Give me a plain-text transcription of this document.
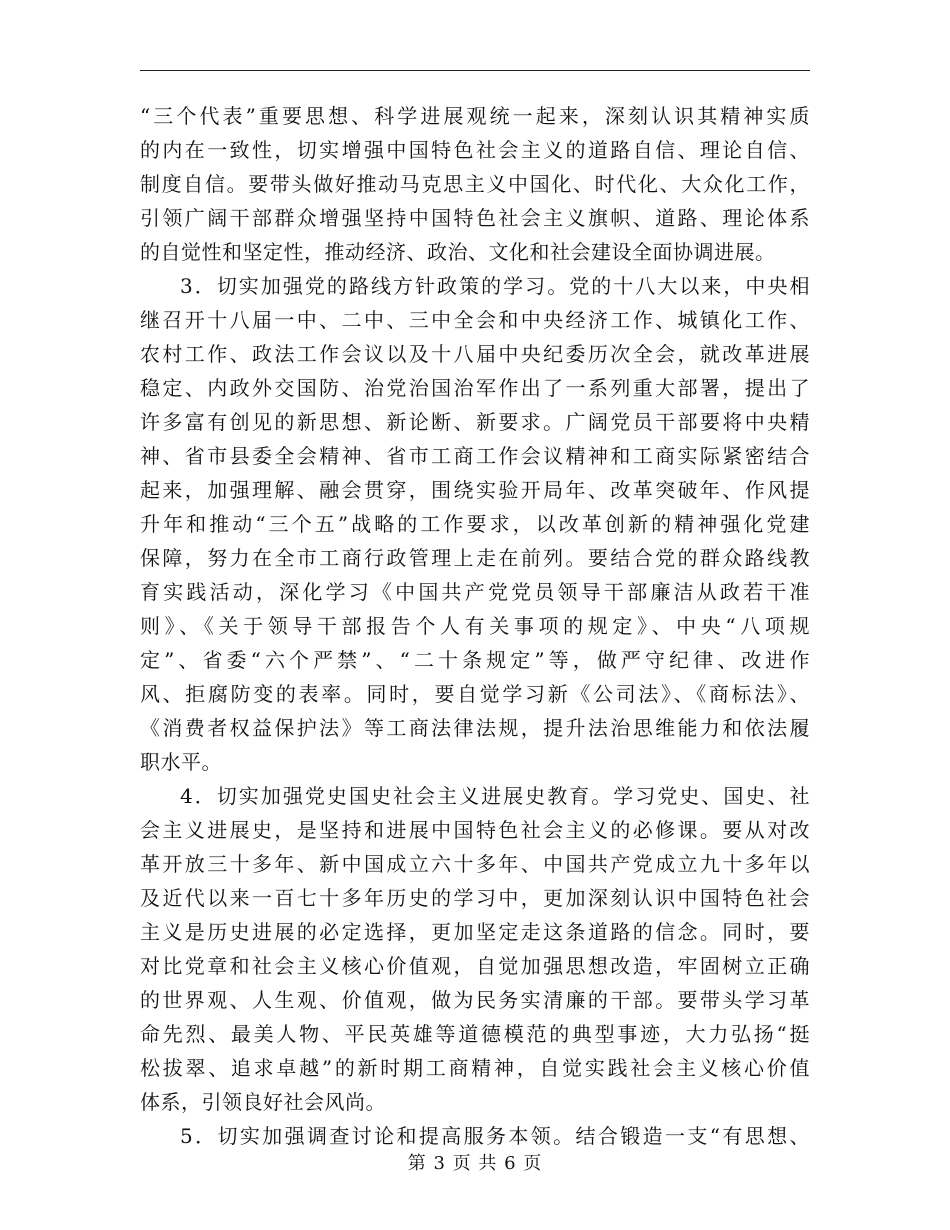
“三个代表”重要思想、科学进展观统一起来，深刻认识其精神实质
的内在一致性，切实增强中国特色社会主义的道路自信、理论自信、
制度自信。要带头做好推动马克思主义中国化、时代化、大众化工作，
引领广阔干部群众增强坚持中国特色社会主义旗帜、道路、理论体系
的自觉性和坚定性，推动经济、政治、文化和社会建设全面协调进展。
3．切实加强党的路线方针政策的学习。党的十八大以来，中央相
继召开十八届一中、二中、三中全会和中央经济工作、城镇化工作、
农村工作、政法工作会议以及十八届中央纪委历次全会，就改革进展
稳定、内政外交国防、治党治国治军作出了一系列重大部署，提出了
许多富有创见的新思想、新论断、新要求。广阔党员干部要将中央精
神、省市县委全会精神、省市工商工作会议精神和工商实际紧密结合
起来，加强理解、融会贯穿，围绕实验开局年、改革突破年、作风提
升年和推动“三个五”战略的工作要求，以改革创新的精神强化党建
保障，努力在全市工商行政管理上走在前列。要结合党的群众路线教
育实践活动，深化学习《中国共产党党员领导干部廉洁从政若干准
则》、《关于领导干部报告个人有关事项的规定》、中央“八项规
定”、省委“六个严禁”、“二十条规定”等，做严守纪律、改进作
风、拒腐防变的表率。同时，要自觉学习新《公司法》、《商标法》、
《消费者权益保护法》等工商法律法规，提升法治思维能力和依法履
职水平。
4．切实加强党史国史社会主义进展史教育。学习党史、国史、社
会主义进展史，是坚持和进展中国特色社会主义的必修课。要从对改
革开放三十多年、新中国成立六十多年、中国共产党成立九十多年以
及近代以来一百七十多年历史的学习中，更加深刻认识中国特色社会
主义是历史进展的必定选择，更加坚定走这条道路的信念。同时，要
对比党章和社会主义核心价值观，自觉加强思想改造，牢固树立正确
的世界观、人生观、价值观，做为民务实清廉的干部。要带头学习革
命先烈、最美人物、平民英雄等道德模范的典型事迹，大力弘扬“挺
松拔翠、追求卓越”的新时期工商精神，自觉实践社会主义核心价值
体系，引领良好社会风尚。
5．切实加强调查讨论和提高服务本领。结合锻造一支“有思想、
第 3 页 共 6 页
